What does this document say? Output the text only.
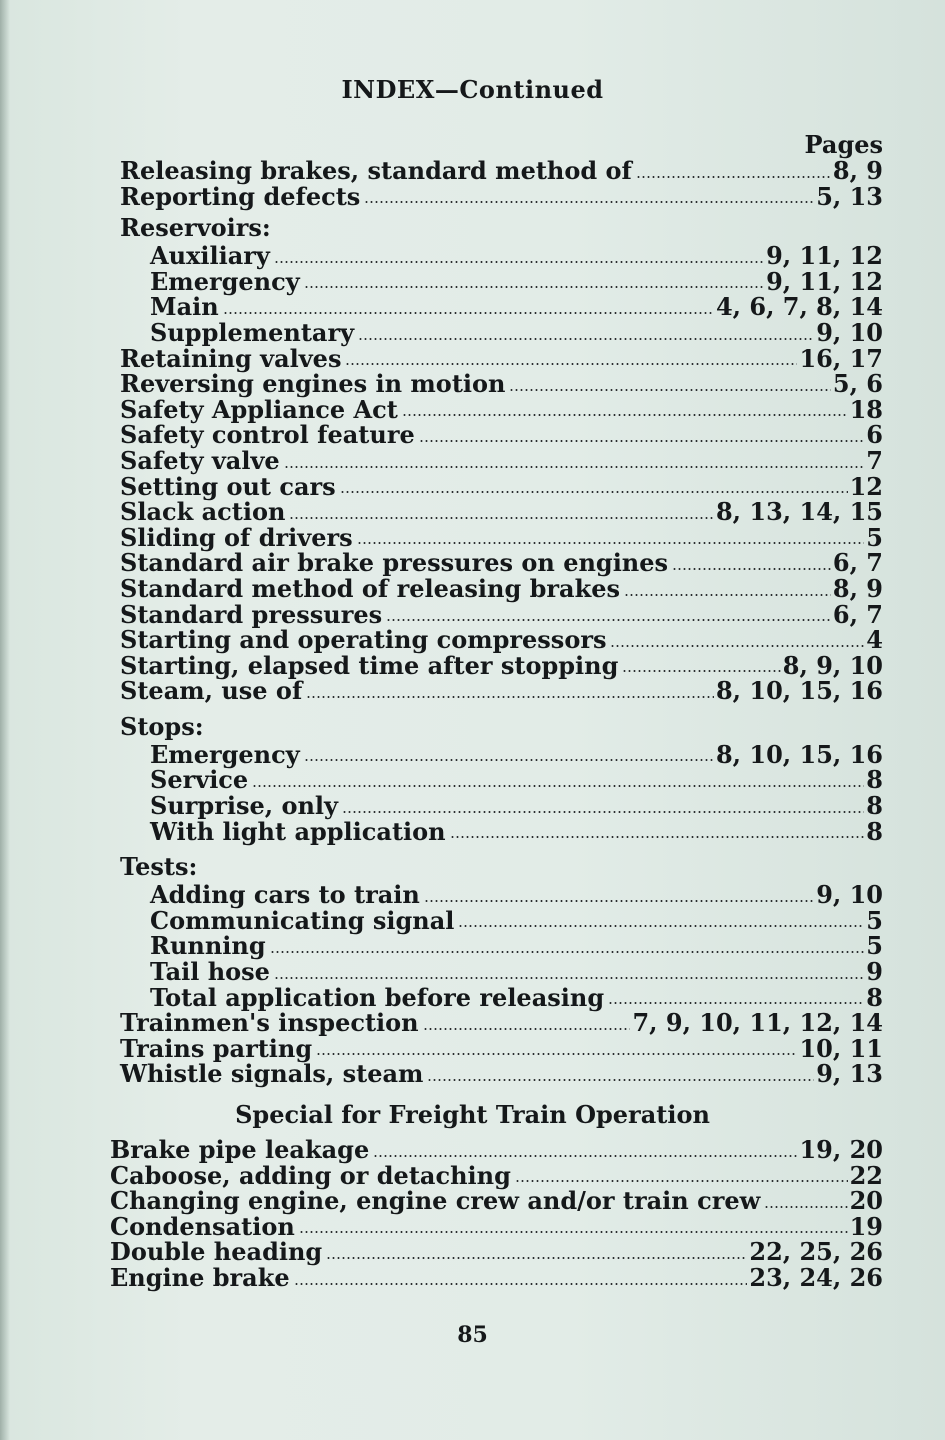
INDEX—Continued
Pages
Releasing brakes, standard method of	8, 9
Reporting defects	5, 13
Reservoirs:
Auxiliary	9, 11, 12
Emergency	9, 11, 12
Main	4, 6, 7, 8, 14
Supplementary	9, 10
Retaining valves	16, 17
Reversing engines in motion	5, 6
Safety Appliance Act	18
Safety control feature	6
Safety valve	7
Setting out cars	12
Slack action	8, 13, 14, 15
Sliding of drivers	5
Standard air brake pressures on engines	6, 7
Standard method of releasing brakes	8, 9
Standard pressures	6, 7
Starting and operating compressors	4
Starting, elapsed time after stopping	8, 9, 10
Steam, use of	8, 10, 15, 16
Stops:
Emergency	8, 10, 15, 16
Service	8
Surprise, only	8
With light application	8
Tests:
Adding cars to train	9, 10
Communicating signal	5
Running	5
Tail hose	9
Total application before releasing	8
Trainmen's inspection	7, 9, 10, 11, 12, 14
Trains parting	10, 11
Whistle signals, steam	9, 13
Special for Freight Train Operation
Brake pipe leakage	19, 20
Caboose, adding or detaching	22
Changing engine, engine crew and/or train crew	20
Condensation	19
Double heading	22, 25, 26
Engine brake	23, 24, 26
85
